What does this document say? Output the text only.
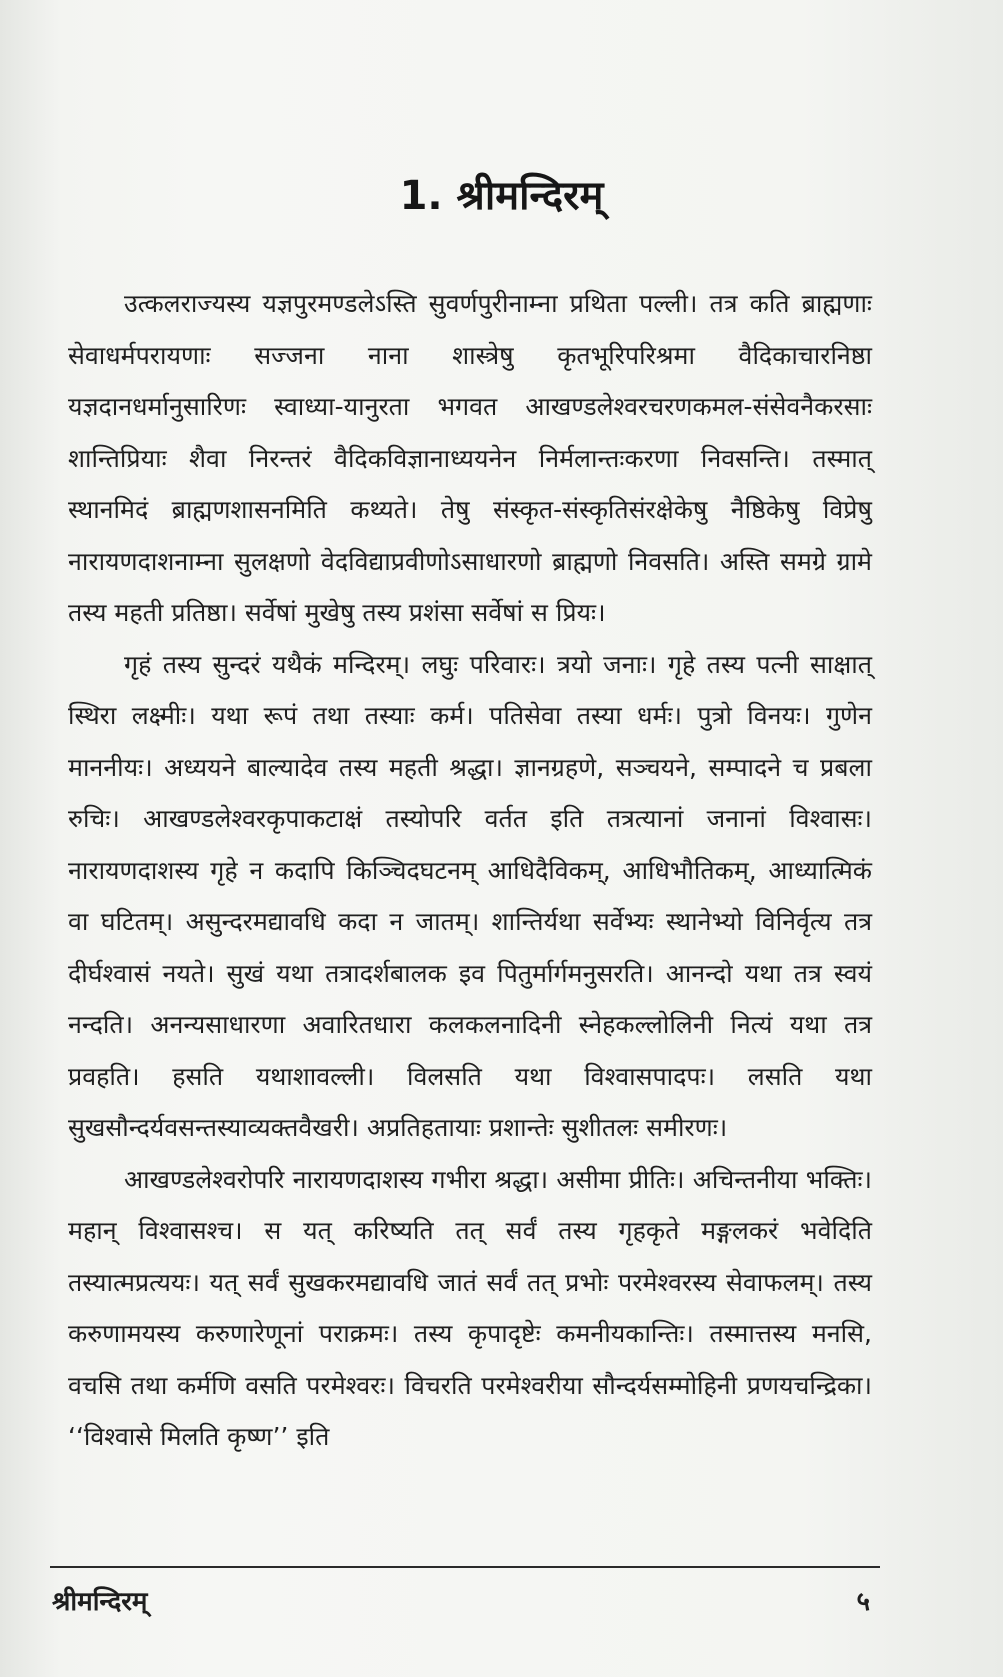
1. श्रीमन्दिरम्

उत्कलराज्यस्य यज्ञपुरमण्डलेऽस्ति सुवर्णपुरीनाम्ना प्रथिता पल्ली। तत्र कति ब्राह्मणाः सेवाधर्मपरायणाः सज्जना नाना शास्त्रेषु कृतभूरिपरिश्रमा वैदिकाचारनिष्ठा यज्ञदानधर्मानुसारिणः स्वाध्या-यानुरता भगवत आखण्डलेश्वरचरणकमल-संसेवनैकरसाः शान्तिप्रियाः शैवा निरन्तरं वैदिकविज्ञानाध्ययनेन निर्मलान्तःकरणा निवसन्ति। तस्मात् स्थानमिदं ब्राह्मणशासनमिति कथ्यते। तेषु संस्कृत-संस्कृतिसंरक्षेकेषु नैष्ठिकेषु विप्रेषु नारायणदाशनाम्ना सुलक्षणो वेदविद्याप्रवीणोऽसाधारणो ब्राह्मणो निवसति। अस्ति समग्रे ग्रामे तस्य महती प्रतिष्ठा। सर्वेषां मुखेषु तस्य प्रशंसा सर्वेषां स प्रियः।

गृहं तस्य सुन्दरं यथैकं मन्दिरम्। लघुः परिवारः। त्रयो जनाः। गृहे तस्य पत्नी साक्षात् स्थिरा लक्ष्मीः। यथा रूपं तथा तस्याः कर्म। पतिसेवा तस्या धर्मः। पुत्रो विनयः। गुणेन माननीयः। अध्ययने बाल्यादेव तस्य महती श्रद्धा। ज्ञानग्रहणे, सञ्चयने, सम्पादने च प्रबला रुचिः। आखण्डलेश्वरकृपाकटाक्षं तस्योपरि वर्तत इति तत्रत्यानां जनानां विश्वासः। नारायणदाशस्य गृहे न कदापि किञ्चिदघटनम् आधिदैविकम्, आधिभौतिकम्, आध्यात्मिकं वा घटितम्। असुन्दरमद्यावधि कदा न जातम्। शान्तिर्यथा सर्वेभ्यः स्थानेभ्यो विनिर्वृत्य तत्र दीर्घश्वासं नयते। सुखं यथा तत्रादर्शबालक इव पितुर्मार्गमनुसरति। आनन्दो यथा तत्र स्वयं नन्दति। अनन्यसाधारणा अवारितधारा कलकलनादिनी स्नेहकल्लोलिनी नित्यं यथा तत्र प्रवहति। हसति यथाशावल्ली। विलसति यथा विश्वासपादपः। लसति यथा सुखसौन्दर्यवसन्तस्याव्यक्तवैखरी। अप्रतिहतायाः प्रशान्तेः सुशीतलः समीरणः।

आखण्डलेश्वरोपरि नारायणदाशस्य गभीरा श्रद्धा। असीमा प्रीतिः। अचिन्तनीया भक्तिः। महान् विश्वासश्च। स यत् करिष्यति तत् सर्वं तस्य गृहकृते मङ्गलकरं भवेदिति तस्यात्मप्रत्ययः। यत् सर्वं सुखकरमद्यावधि जातं सर्वं तत् प्रभोः परमेश्वरस्य सेवाफलम्। तस्य करुणामयस्य करुणारेणूनां पराक्रमः। तस्य कृपादृष्टेः कमनीयकान्तिः। तस्मात्तस्य मनसि, वचसि तथा कर्मणि वसति परमेश्वरः। विचरति परमेश्वरीया सौन्दर्यसम्मोहिनी प्रणयचन्द्रिका। ‘‘विश्वासे मिलति कृष्ण’’ इति

श्रीमन्दिरम्	५
